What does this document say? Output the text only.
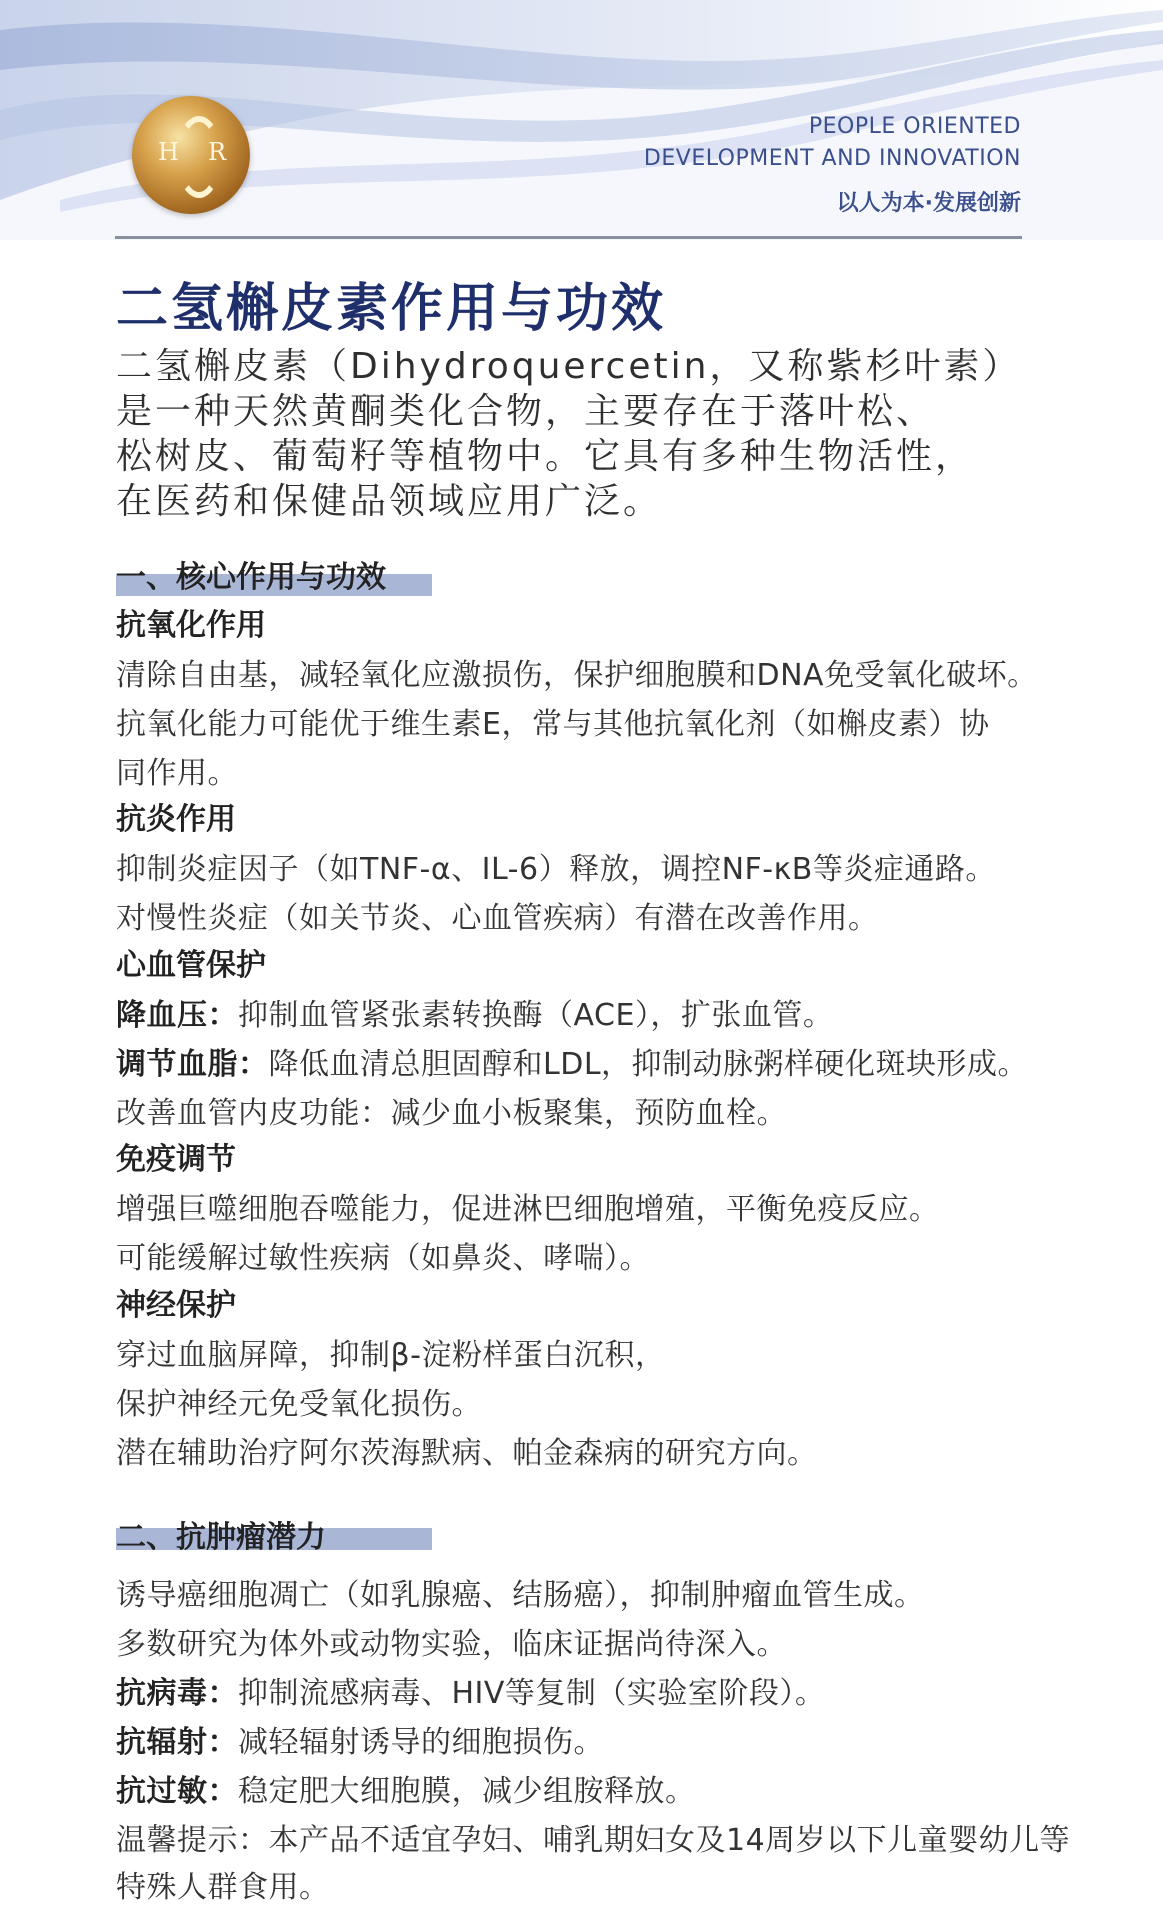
H R
PEOPLE ORIENTED
DEVELOPMENT AND INNOVATION
以人为本·发展创新
二氢槲皮素作用与功效

二氢槲皮素（Dihydroquercetin，又称紫杉叶素）

是一种天然黄酮类化合物，主要存在于落叶松、

松树皮、葡萄籽等植物中。它具有多种生物活性，

在医药和保健品领域应用广泛。

一、核心作用与功效
抗氧化作用
清除自由基，减轻氧化应激损伤，保护细胞膜和DNA免受氧化破坏。
抗氧化能力可能优于维生素E，常与其他抗氧化剂（如槲皮素）协
同作用。
抗炎作用
抑制炎症因子（如TNF-α、IL-6）释放，调控NF-κB等炎症通路。
对慢性炎症（如关节炎、心血管疾病）有潜在改善作用。
心血管保护
降血压：抑制血管紧张素转换酶（ACE），扩张血管。
调节血脂：降低血清总胆固醇和LDL，抑制动脉粥样硬化斑块形成。
改善血管内皮功能：减少血小板聚集，预防血栓。
免疫调节
增强巨噬细胞吞噬能力，促进淋巴细胞增殖，平衡免疫反应。
可能缓解过敏性疾病（如鼻炎、哮喘）。
神经保护
穿过血脑屏障，抑制β-淀粉样蛋白沉积，
保护神经元免受氧化损伤。
潜在辅助治疗阿尔茨海默病、帕金森病的研究方向。
二、抗肿瘤潜力
诱导癌细胞凋亡（如乳腺癌、结肠癌），抑制肿瘤血管生成。
多数研究为体外或动物实验，临床证据尚待深入。
抗病毒：抑制流感病毒、HIV等复制（实验室阶段）。
抗辐射：减轻辐射诱导的细胞损伤。
抗过敏：稳定肥大细胞膜，减少组胺释放。
温馨提示：本产品不适宜孕妇、哺乳期妇女及14周岁以下儿童婴幼儿等
特殊人群食用。
